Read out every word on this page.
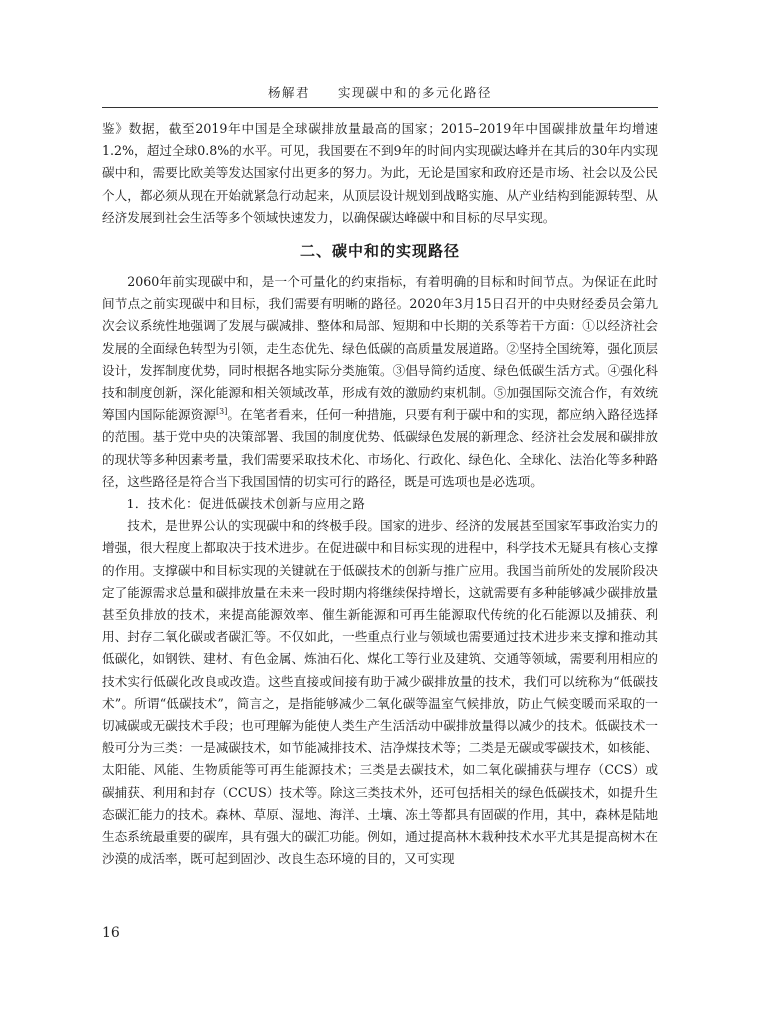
杨解君 实现碳中和的多元化路径

鉴》数据，截至2019年中国是全球碳排放量最高的国家；2015–2019年中国碳排放量年均增速1.2%，超过全球0.8%的水平。可见，我国要在不到9年的时间内实现碳达峰并在其后的30年内实现碳中和，需要比欧美等发达国家付出更多的努力。为此，无论是国家和政府还是市场、社会以及公民个人，都必须从现在开始就紧急行动起来，从顶层设计规划到战略实施、从产业结构到能源转型、从经济发展到社会生活等多个领域快速发力，以确保碳达峰碳中和目标的尽早实现。

二、碳中和的实现路径

2060年前实现碳中和，是一个可量化的约束指标，有着明确的目标和时间节点。为保证在此时间节点之前实现碳中和目标，我们需要有明晰的路径。2020年3月15日召开的中央财经委员会第九次会议系统性地强调了发展与碳减排、整体和局部、短期和中长期的关系等若干方面：①以经济社会发展的全面绿色转型为引领，走生态优先、绿色低碳的高质量发展道路。②坚持全国统筹，强化顶层设计，发挥制度优势，同时根据各地实际分类施策。③倡导简约适度、绿色低碳生活方式。④强化科技和制度创新，深化能源和相关领域改革，形成有效的激励约束机制。⑤加强国际交流合作，有效统筹国内国际能源资源[3]。在笔者看来，任何一种措施，只要有利于碳中和的实现，都应纳入路径选择的范围。基于党中央的决策部署、我国的制度优势、低碳绿色发展的新理念、经济社会发展和碳排放的现状等多种因素考量，我们需要采取技术化、市场化、行政化、绿色化、全球化、法治化等多种路径，这些路径是符合当下我国国情的切实可行的路径，既是可选项也是必选项。

1．技术化：促进低碳技术创新与应用之路

技术，是世界公认的实现碳中和的终极手段。国家的进步、经济的发展甚至国家军事政治实力的增强，很大程度上都取决于技术进步。在促进碳中和目标实现的进程中，科学技术无疑具有核心支撑的作用。支撑碳中和目标实现的关键就在于低碳技术的创新与推广应用。我国当前所处的发展阶段决定了能源需求总量和碳排放量在未来一段时期内将继续保持增长，这就需要有多种能够减少碳排放量甚至负排放的技术，来提高能源效率、催生新能源和可再生能源取代传统的化石能源以及捕获、利用、封存二氧化碳或者碳汇等。不仅如此，一些重点行业与领域也需要通过技术进步来支撑和推动其低碳化，如钢铁、建材、有色金属、炼油石化、煤化工等行业及建筑、交通等领域，需要利用相应的技术实行低碳化改良或改造。这些直接或间接有助于减少碳排放量的技术，我们可以统称为“低碳技术”。所谓“低碳技术”，简言之，是指能够减少二氧化碳等温室气候排放，防止气候变暖而采取的一切减碳或无碳技术手段；也可理解为能使人类生产生活活动中碳排放量得以减少的技术。低碳技术一般可分为三类：一是减碳技术，如节能减排技术、洁净煤技术等；二类是无碳或零碳技术，如核能、太阳能、风能、生物质能等可再生能源技术；三类是去碳技术，如二氧化碳捕获与埋存（CCS）或碳捕获、利用和封存（CCUS）技术等。除这三类技术外，还可包括相关的绿色低碳技术，如提升生态碳汇能力的技术。森林、草原、湿地、海洋、土壤、冻土等都具有固碳的作用，其中，森林是陆地生态系统最重要的碳库，具有强大的碳汇功能。例如，通过提高林木栽种技术水平尤其是提高树木在沙漠的成活率，既可起到固沙、改良生态环境的目的，又可实现

16
